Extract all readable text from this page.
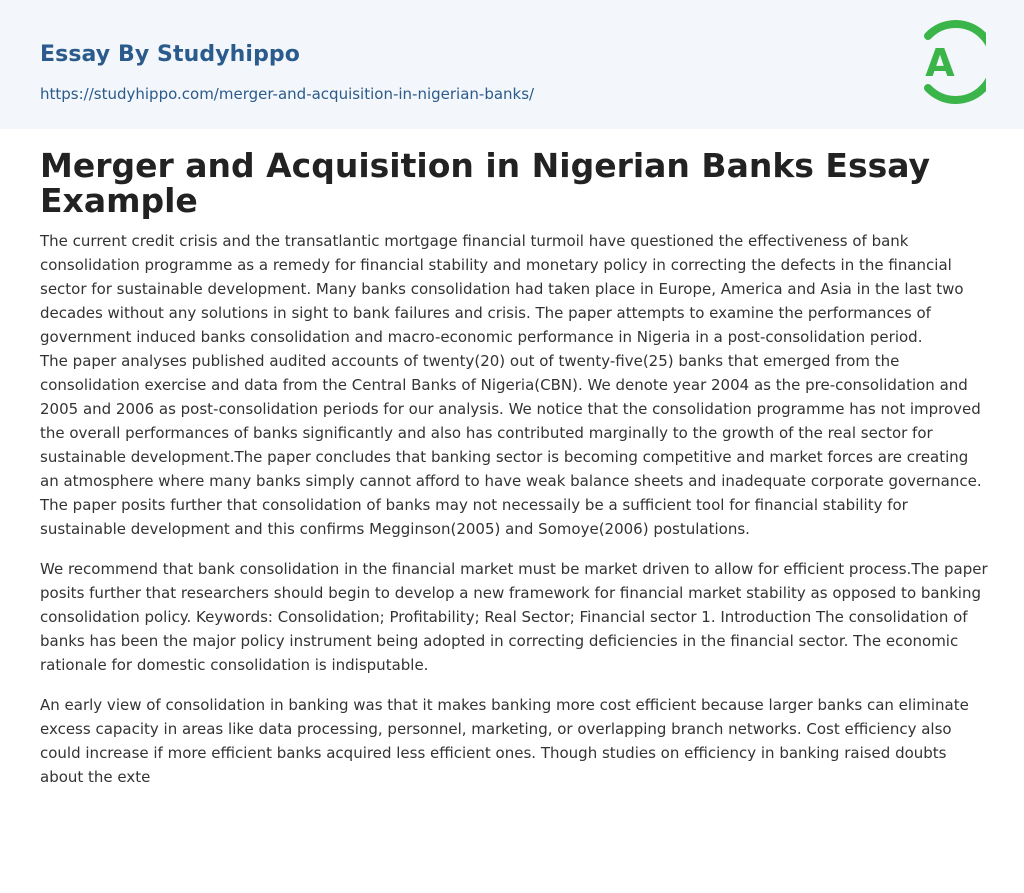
Essay By Studyhippo
https://studyhippo.com/merger-and-acquisition-in-nigerian-banks/
A
Merger and Acquisition in Nigerian Banks Essay Example

The current credit crisis and the transatlantic mortgage financial turmoil have questioned the effectiveness of bank consolidation programme as a remedy for financial stability and monetary policy in correcting the defects in the financial sector for sustainable development. Many banks consolidation had taken place in Europe, America and Asia in the last two decades without any solutions in sight to bank failures and crisis. The paper attempts to examine the performances of government induced banks consolidation and macro-economic performance in Nigeria in a post-consolidation period.

The paper analyses published audited accounts of twenty(20) out of twenty-five(25) banks that emerged from the consolidation exercise and data from the Central Banks of Nigeria(CBN). We denote year 2004 as the pre-consolidation and 2005 and 2006 as post-consolidation periods for our analysis. We notice that the consolidation programme has not improved the overall performances of banks significantly and also has contributed marginally to the growth of the real sector for sustainable development.The paper concludes that banking sector is becoming competitive and market forces are creating an atmosphere where many banks simply cannot afford to have weak balance sheets and inadequate corporate governance. The paper posits further that consolidation of banks may not necessaily be a sufficient tool for financial stability for sustainable development and this confirms Megginson(2005) and Somoye(2006) postulations.

We recommend that bank consolidation in the financial market must be market driven to allow for efficient process.The paper posits further that researchers should begin to develop a new framework for financial market stability as opposed to banking consolidation policy. Keywords: Consolidation; Profitability; Real Sector; Financial sector 1. Introduction The consolidation of banks has been the major policy instrument being adopted in correcting deficiencies in the financial sector. The economic rationale for domestic consolidation is indisputable.

An early view of consolidation in banking was that it makes banking more cost efficient because larger banks can eliminate excess capacity in areas like data processing, personnel, marketing, or overlapping branch networks. Cost efficiency also could increase if more efficient banks acquired less efficient ones. Though studies on efficiency in banking raised doubts about the exte
